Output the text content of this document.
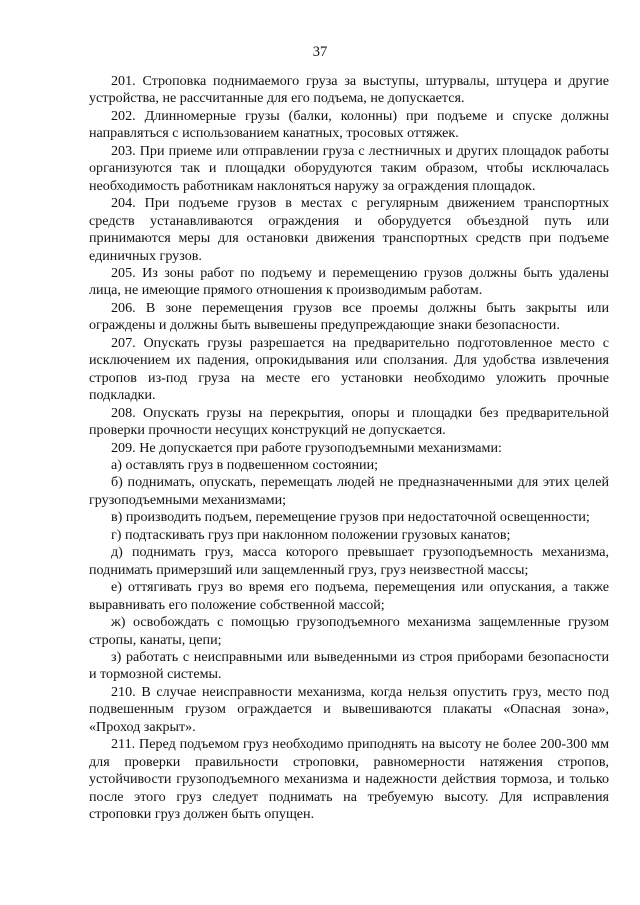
37

201. Строповка поднимаемого груза за выступы, штурвалы, штуцера и другие устройства, не рассчитанные для его подъема, не допускается.

202. Длинномерные грузы (балки, колонны) при подъеме и спуске должны направляться с использованием канатных, тросовых оттяжек.

203. При приеме или отправлении груза с лестничных и других площадок работы организуются так и площадки оборудуются таким образом, чтобы исключалась необходимость работникам наклоняться наружу за ограждения площадок.

204. При подъеме грузов в местах с регулярным движением транспортных средств устанавливаются ограждения и оборудуется объездной путь или принимаются меры для остановки движения транспортных средств при подъеме единичных грузов.

205. Из зоны работ по подъему и перемещению грузов должны быть удалены лица, не имеющие прямого отношения к производимым работам.

206. В зоне перемещения грузов все проемы должны быть закрыты или ограждены и должны быть вывешены предупреждающие знаки безопасности.

207. Опускать грузы разрешается на предварительно подготовленное место с исключением их падения, опрокидывания или сползания. Для удобства извлечения стропов из-под груза на месте его установки необходимо уложить прочные подкладки.

208. Опускать грузы на перекрытия, опоры и площадки без предварительной проверки прочности несущих конструкций не допускается.

209. Не допускается при работе грузоподъемными механизмами:

а) оставлять груз в подвешенном состоянии;

б) поднимать, опускать, перемещать людей не предназначенными для этих целей грузоподъемными механизмами;

в) производить подъем, перемещение грузов при недостаточной освещенности;

г) подтаскивать груз при наклонном положении грузовых канатов;

д) поднимать груз, масса которого превышает грузоподъемность механизма, поднимать примерзший или защемленный груз, груз неизвестной массы;

е) оттягивать груз во время его подъема, перемещения или опускания, а также выравнивать его положение собственной массой;

ж) освобождать с помощью грузоподъемного механизма защемленные грузом стропы, канаты, цепи;

з) работать с неисправными или выведенными из строя приборами безопасности и тормозной системы.

210. В случае неисправности механизма, когда нельзя опустить груз, место под подвешенным грузом ограждается и вывешиваются плакаты «Опасная зона», «Проход закрыт».

211. Перед подъемом груз необходимо приподнять на высоту не более 200-300 мм для проверки правильности строповки, равномерности натяжения стропов, устойчивости грузоподъемного механизма и надежности действия тормоза, и только после этого груз следует поднимать на требуемую высоту. Для исправления строповки груз должен быть опущен.
